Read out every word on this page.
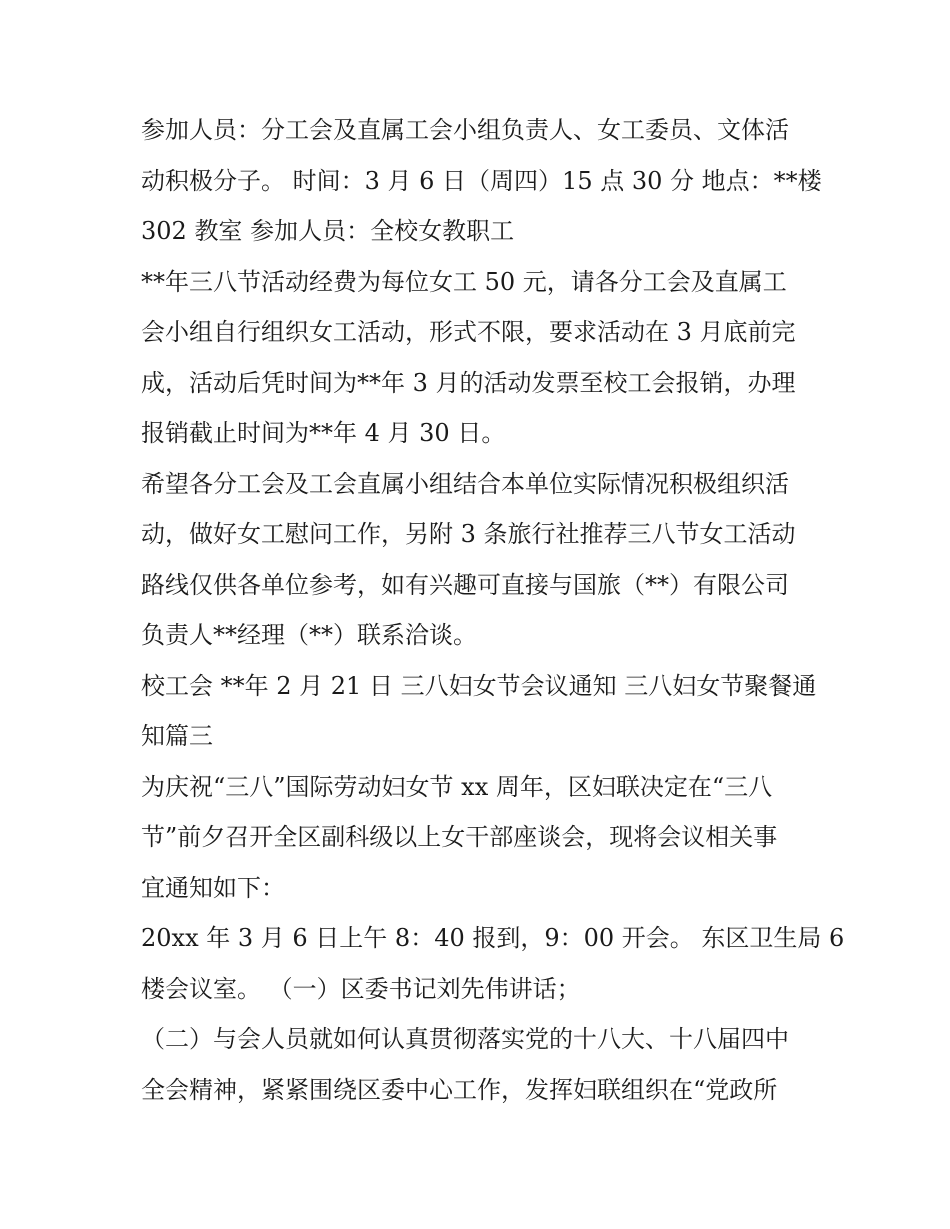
参加人员：分工会及直属工会小组负责人、女工委员、文体活
动积极分子。 时间：3 月 6 日（周四）15 点 30 分 地点：**楼
302 教室 参加人员：全校女教职工
**年三八节活动经费为每位女工 50 元，请各分工会及直属工
会小组自行组织女工活动，形式不限，要求活动在 3 月底前完
成，活动后凭时间为**年 3 月的活动发票至校工会报销，办理
报销截止时间为**年 4 月 30 日。
希望各分工会及工会直属小组结合本单位实际情况积极组织活
动，做好女工慰问工作，另附 3 条旅行社推荐三八节女工活动
路线仅供各单位参考，如有兴趣可直接与国旅（**）有限公司
负责人**经理（**）联系洽谈。
校工会 **年 2 月 21 日 三八妇女节会议通知 三八妇女节聚餐通
知篇三
为庆祝“三八”国际劳动妇女节 xx 周年，区妇联决定在“三八
节”前夕召开全区副科级以上女干部座谈会，现将会议相关事
宜通知如下：
20xx 年 3 月 6 日上午 8：40 报到，9：00 开会。 东区卫生局 6
楼会议室。 （一）区委书记刘先伟讲话；
（二）与会人员就如何认真贯彻落实党的十八大、十八届四中
全会精神，紧紧围绕区委中心工作，发挥妇联组织在“党政所
